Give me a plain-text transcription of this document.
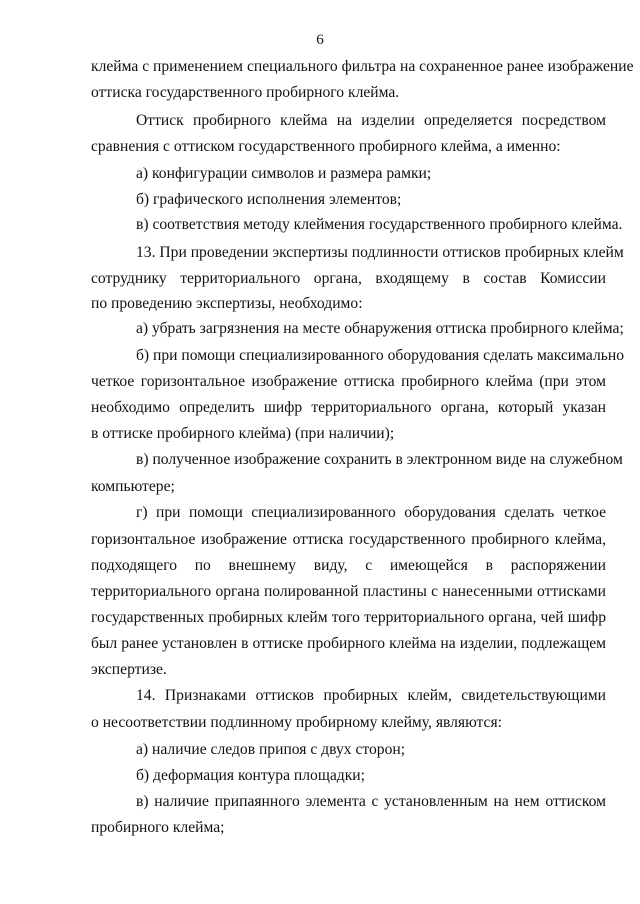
6
клейма с применением специального фильтра на сохраненное ранее изображение
оттиска государственного пробирного клейма.
Оттиск пробирного клейма на изделии определяется посредством
сравнения с оттиском государственного пробирного клейма, а именно:
а) конфигурации символов и размера рамки;
б) графического исполнения элементов;
в) соответствия методу клеймения государственного пробирного клейма.
13. При проведении экспертизы подлинности оттисков пробирных клейм
сотруднику территориального органа, входящему в состав Комиссии
по проведению экспертизы, необходимо:
а) убрать загрязнения на месте обнаружения оттиска пробирного клейма;
б) при помощи специализированного оборудования сделать максимально
четкое горизонтальное изображение оттиска пробирного клейма (при этом
необходимо определить шифр территориального органа, который указан
в оттиске пробирного клейма) (при наличии);
в) полученное изображение сохранить в электронном виде на служебном
компьютере;
г) при помощи специализированного оборудования сделать четкое
горизонтальное изображение оттиска государственного пробирного клейма,
подходящего по внешнему виду, с имеющейся в распоряжении
территориального органа полированной пластины с нанесенными оттисками
государственных пробирных клейм того территориального органа, чей шифр
был ранее установлен в оттиске пробирного клейма на изделии, подлежащем
экспертизе.
14. Признаками оттисков пробирных клейм, свидетельствующими
о несоответствии подлинному пробирному клейму, являются:
а) наличие следов припоя с двух сторон;
б) деформация контура площадки;
в) наличие припаянного элемента с установленным на нем оттиском
пробирного клейма;
